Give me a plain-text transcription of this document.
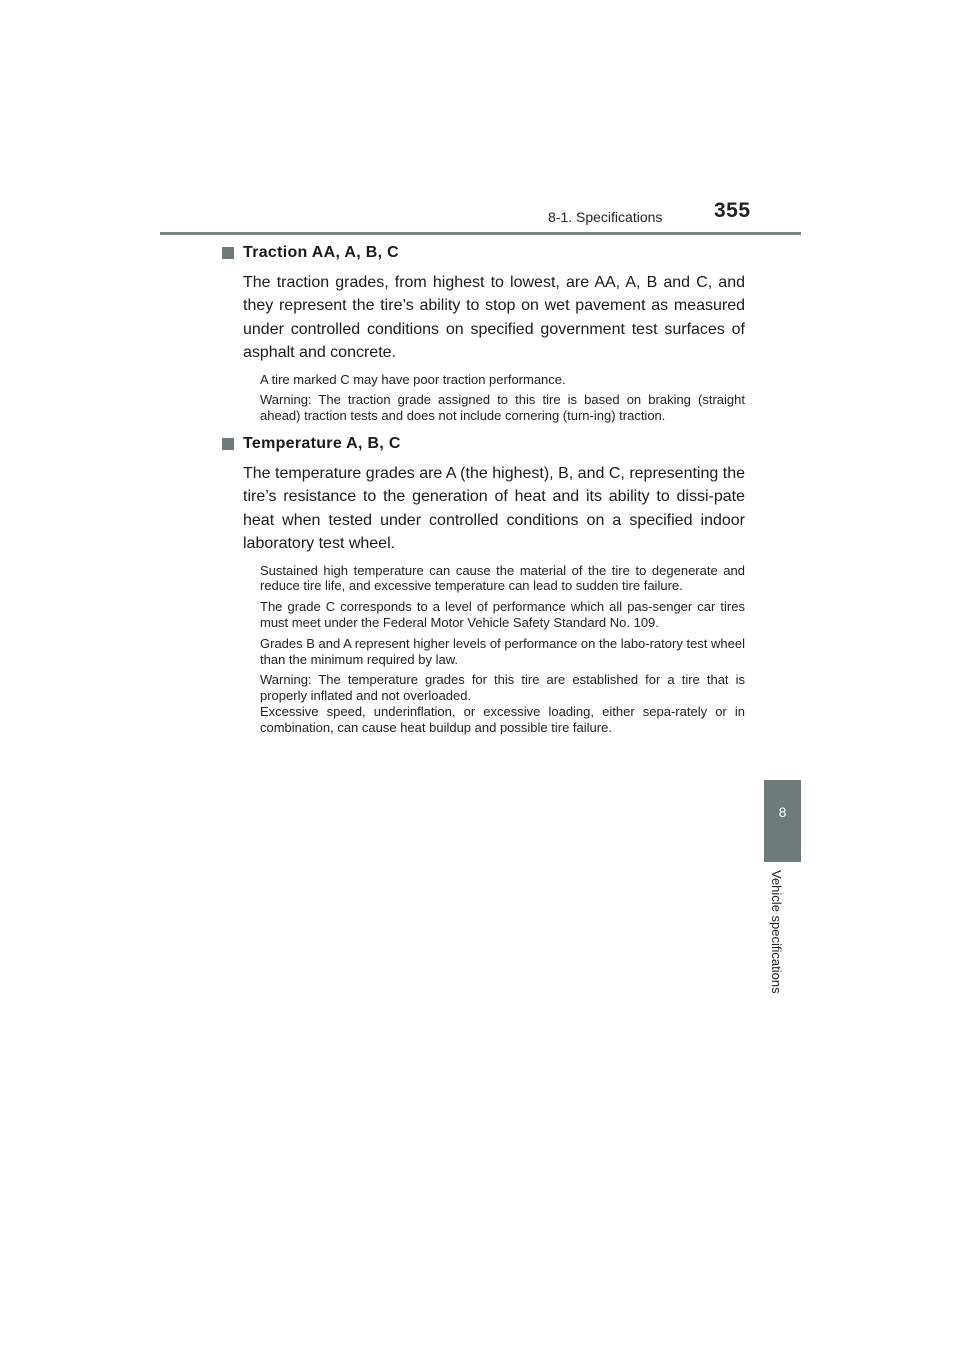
8-1. Specifications 355
8
Vehicle specifications
Traction AA, A, B, C

The traction grades, from highest to lowest, are AA, A, B and C, and they represent the tire’s ability to stop on wet pavement as measured under controlled conditions on specified government test surfaces of asphalt and concrete.

A tire marked C may have poor traction performance.

Warning: The traction grade assigned to this tire is based on braking (straight ahead) traction tests and does not include cornering (turn-ing) traction.

Temperature A, B, C

The temperature grades are A (the highest), B, and C, representing the tire’s resistance to the generation of heat and its ability to dissi-pate heat when tested under controlled conditions on a specified indoor laboratory test wheel.

Sustained high temperature can cause the material of the tire to degenerate and reduce tire life, and excessive temperature can lead to sudden tire failure.

The grade C corresponds to a level of performance which all pas-senger car tires must meet under the Federal Motor Vehicle Safety Standard No. 109.

Grades B and A represent higher levels of performance on the labo-ratory test wheel than the minimum required by law.

Warning: The temperature grades for this tire are established for a tire that is properly inflated and not overloaded.
Excessive speed, underinflation, or excessive loading, either sepa-rately or in combination, can cause heat buildup and possible tire failure.
